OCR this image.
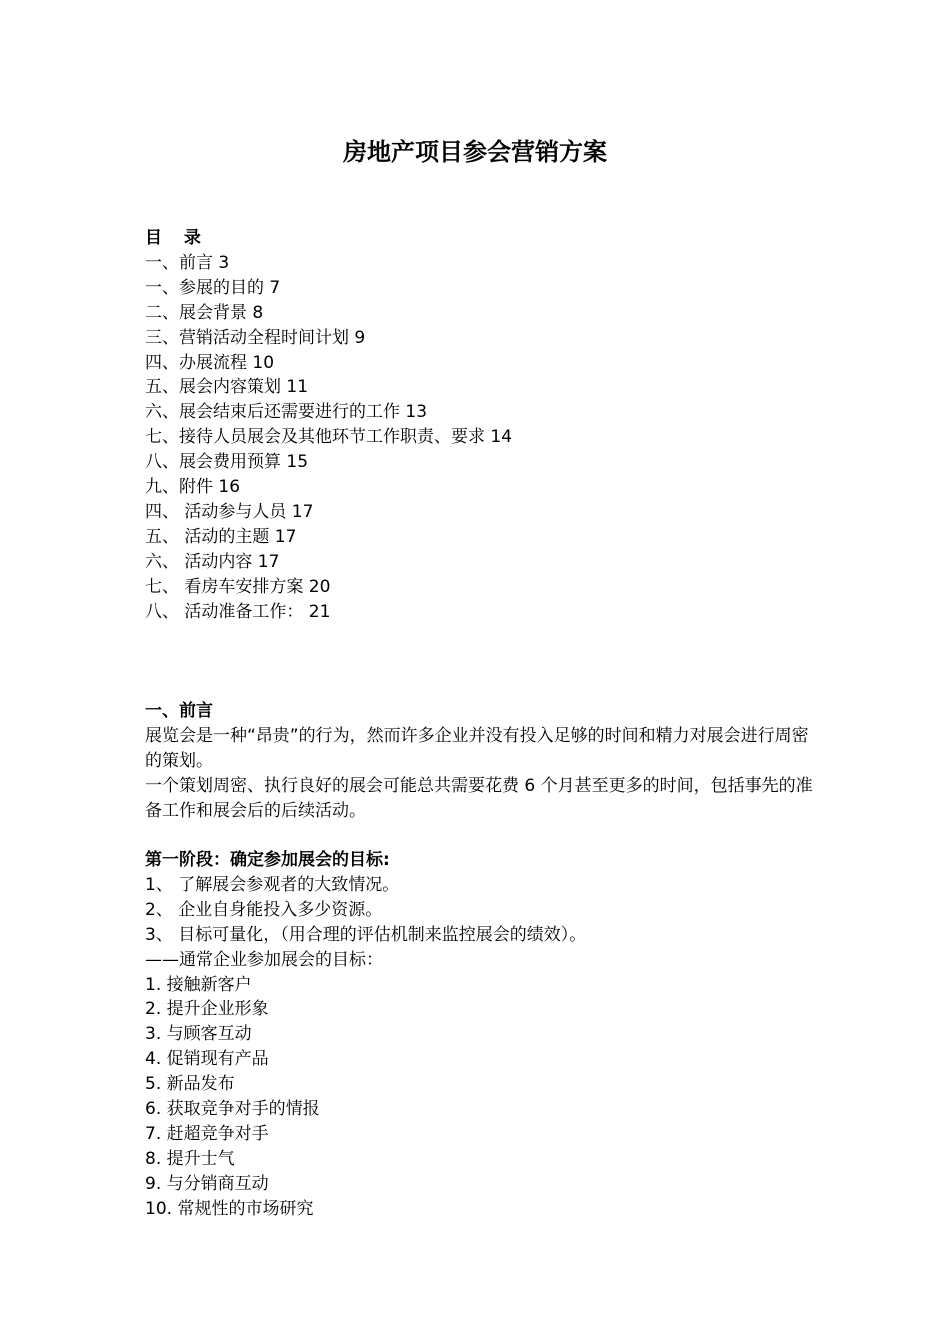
房地产项目参会营销方案
目 录
一、前言 3
一、参展的目的 7
二、展会背景 8
三、营销活动全程时间计划 9
四、办展流程 10
五、展会内容策划 11
六、展会结束后还需要进行的工作 13
七、接待人员展会及其他环节工作职责、要求 14
八、展会费用预算 15
九、附件 16
四、 活动参与人员 17
五、 活动的主题 17
六、 活动内容 17
七、 看房车安排方案 20
八、 活动准备工作： 21
一、前言
展览会是一种“昂贵”的行为，然而许多企业并没有投入足够的时间和精力对展会进行周密的策划。
一个策划周密、执行良好的展会可能总共需要花费 6 个月甚至更多的时间，包括事先的准备工作和展会后的后续活动。
第一阶段：确定参加展会的目标:
1、 了解展会参观者的大致情况。
2、 企业自身能投入多少资源。
3、 目标可量化，（用合理的评估机制来监控展会的绩效）。
——通常企业参加展会的目标：
1. 接触新客户
2. 提升企业形象
3. 与顾客互动
4. 促销现有产品
5. 新品发布
6. 获取竞争对手的情报
7. 赶超竞争对手
8. 提升士气
9. 与分销商互动
10. 常规性的市场研究
